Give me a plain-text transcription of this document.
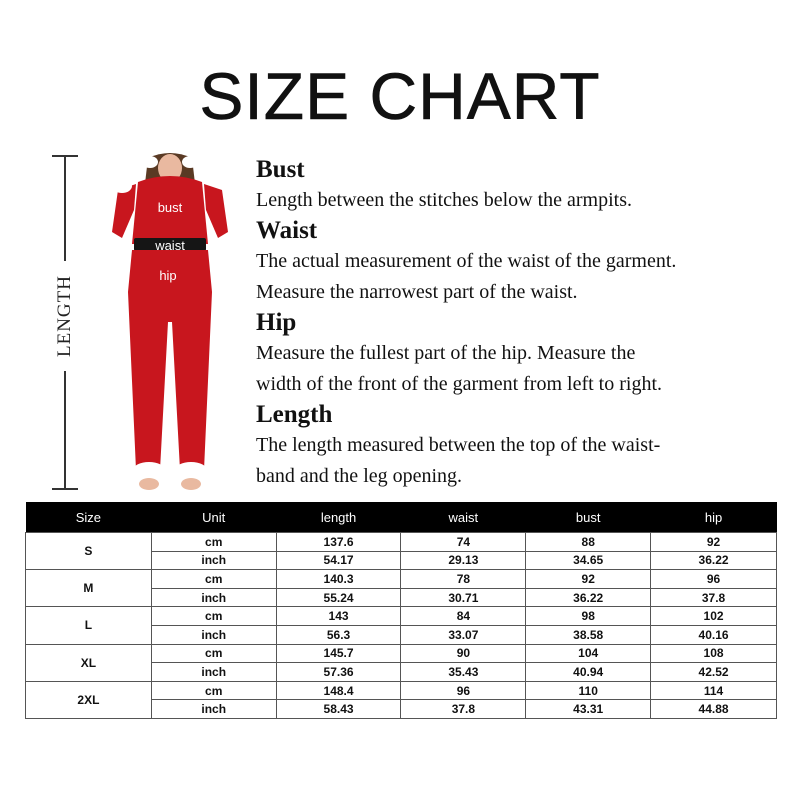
SIZE CHART
LENGTH
bust
waist
hip
Bust
Length between the stitches below the armpits.
Waist
The actual measurement of the waist of the garment.
Measure the narrowest part of the waist.
Hip
Measure the fullest part of the hip. Measure the
width of the front of the garment from left to right.
Length
The length measured between the top of the waist-
band and the leg opening.
Size	Unit	length	waist	bust	hip
S	cm	137.6	74	88	92
	inch	54.17	29.13	34.65	36.22
M	cm	140.3	78	92	96
	inch	55.24	30.71	36.22	37.8
L	cm	143	84	98	102
	inch	56.3	33.07	38.58	40.16
XL	cm	145.7	90	104	108
	inch	57.36	35.43	40.94	42.52
2XL	cm	148.4	96	110	114
	inch	58.43	37.8	43.31	44.88
